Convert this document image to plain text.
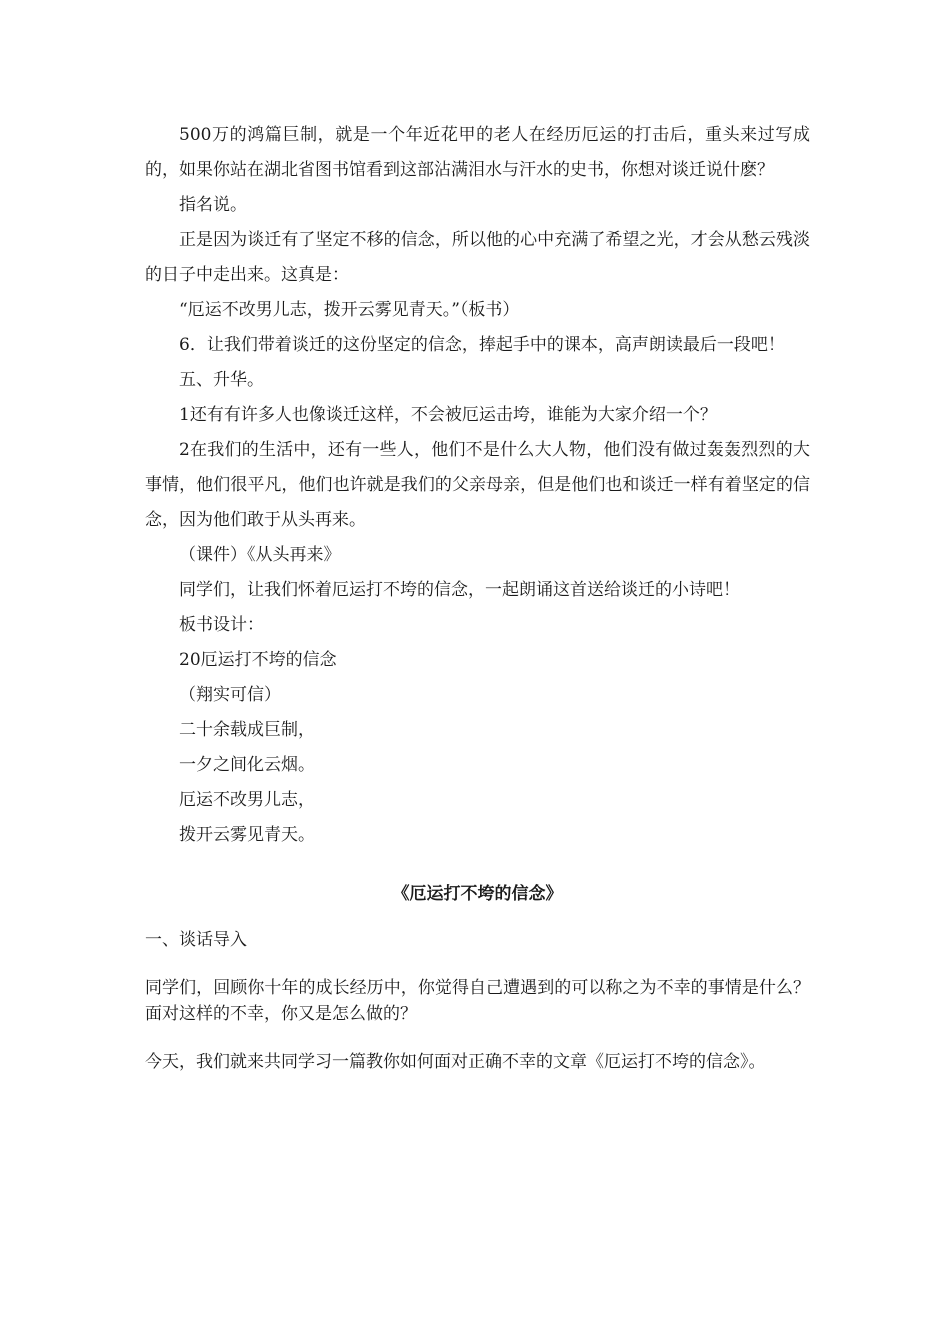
500万的鸿篇巨制，就是一个年近花甲的老人在经历厄运的打击后，重头来过写成的，如果你站在湖北省图书馆看到这部沾满泪水与汗水的史书，你想对谈迁说什麽？

指名说。

正是因为谈迁有了坚定不移的信念，所以他的心中充满了希望之光，才会从愁云残淡的日子中走出来。这真是：

“厄运不改男儿志，拨开云雾见青天。”（板书）

6．让我们带着谈迁的这份坚定的信念，捧起手中的课本，高声朗读最后一段吧！

五、升华。

1还有有许多人也像谈迁这样，不会被厄运击垮，谁能为大家介绍一个？

2在我们的生活中，还有一些人，他们不是什么大人物，他们没有做过轰轰烈烈的大事情，他们很平凡，他们也许就是我们的父亲母亲，但是他们也和谈迁一样有着坚定的信念，因为他们敢于从头再来。

（课件）《从头再来》

同学们，让我们怀着厄运打不垮的信念，一起朗诵这首送给谈迁的小诗吧！

板书设计：

20厄运打不垮的信念

（翔实可信）

二十余载成巨制，

一夕之间化云烟。

厄运不改男儿志，

拨开云雾见青天。

《厄运打不垮的信念》

一、谈话导入

同学们，回顾你十年的成长经历中，你觉得自己遭遇到的可以称之为不幸的事情是什么？面对这样的不幸，你又是怎么做的？

今天，我们就来共同学习一篇教你如何面对正确不幸的文章《厄运打不垮的信念》。
